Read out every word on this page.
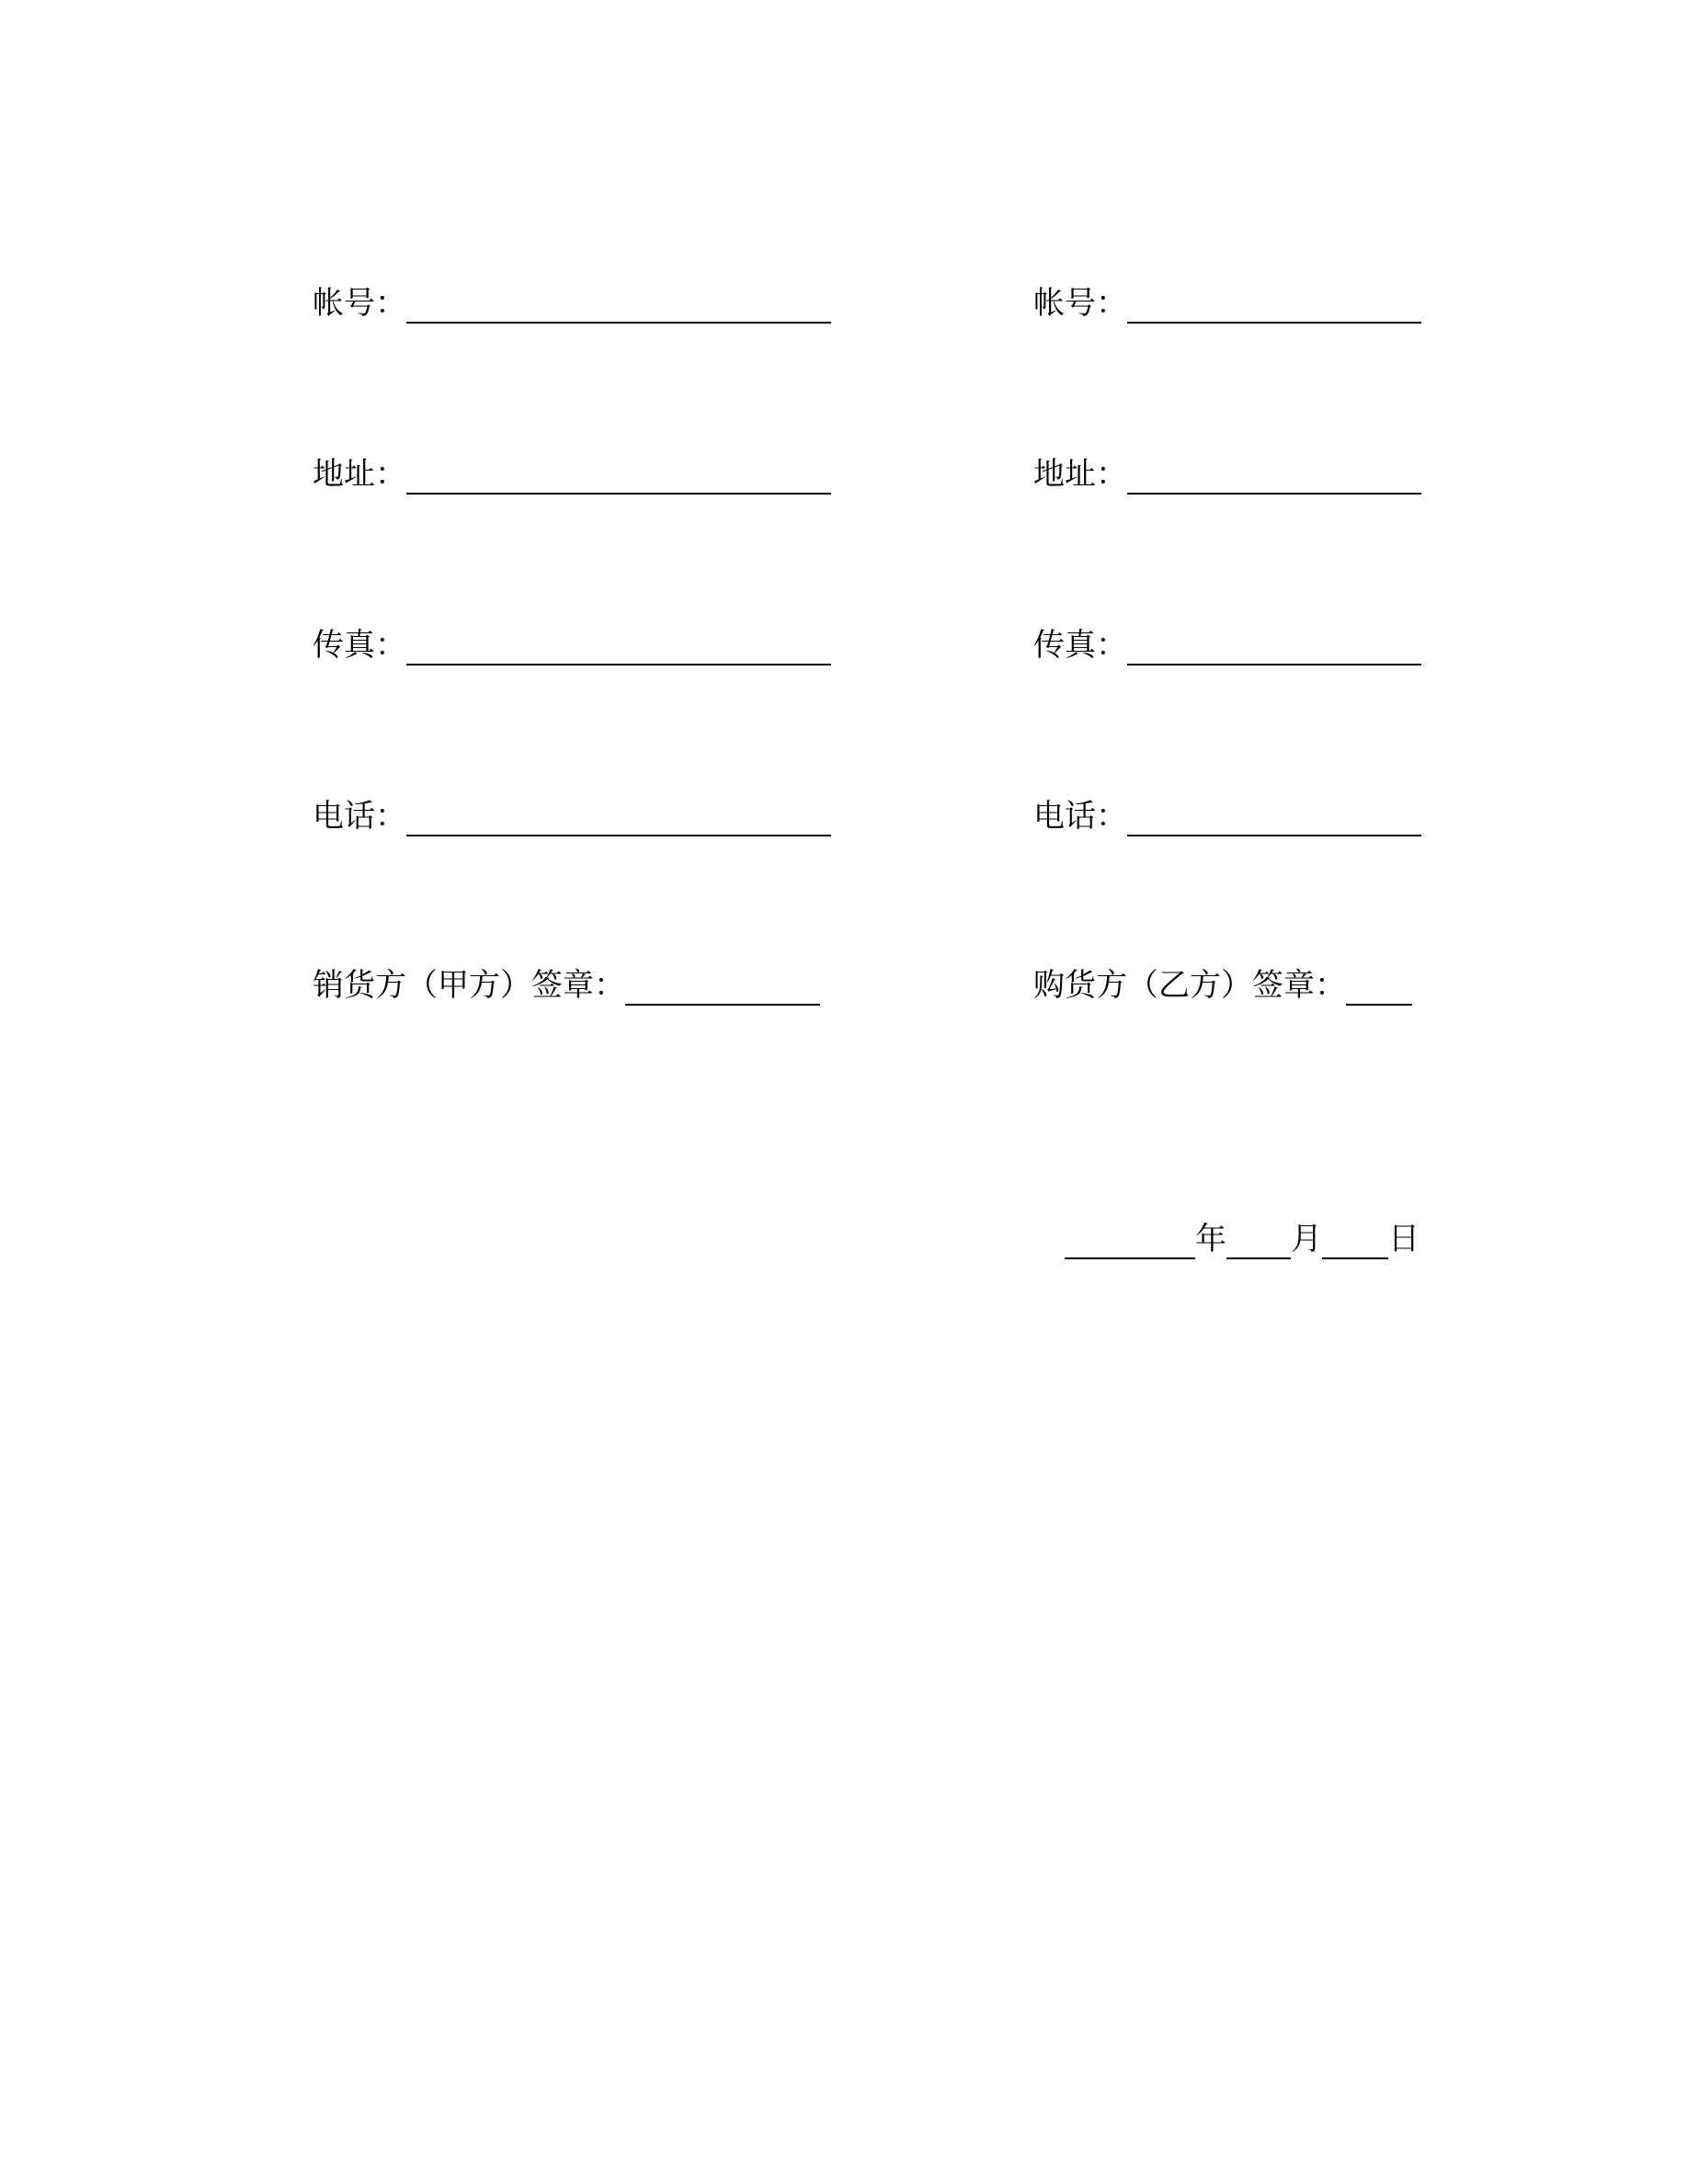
帐号：
地址：
传真：
电话：
销货方（甲方）签章：
帐号：
地址：
传真：
电话：
购货方（乙方）签章：
年 月 日
